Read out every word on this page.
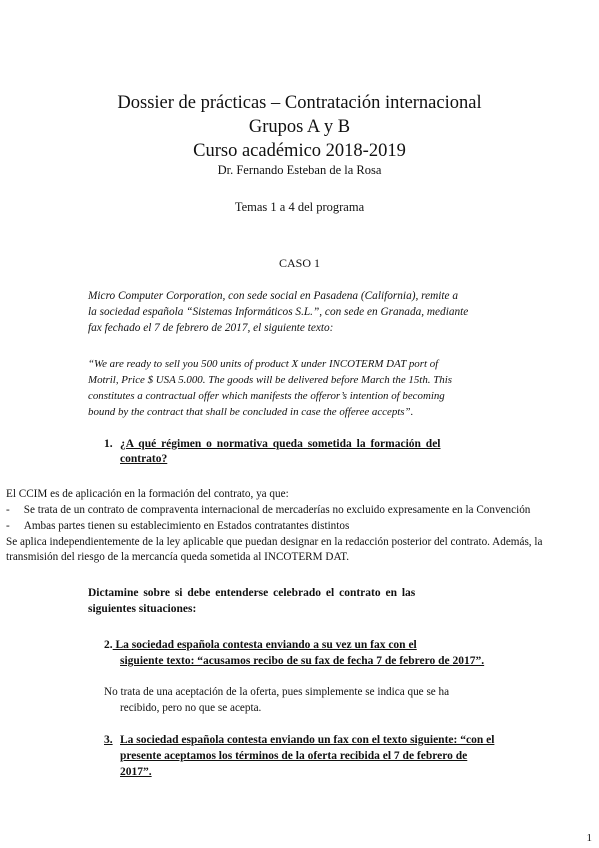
Dossier de prácticas – Contratación internacional
Grupos A y B
Curso académico 2018-2019
Dr. Fernando Esteban de la Rosa
Temas 1 a 4 del programa
CASO 1
Micro Computer Corporation, con sede social en Pasadena (California), remite a
la sociedad española “Sistemas Informáticos S.L.”, con sede en Granada, mediante
fax fechado el 7 de febrero de 2017, el siguiente texto:
“We are ready to sell you 500 units of product X under INCOTERM DAT port of
Motril, Price $ USA 5.000. The goods will be delivered before March the 15th. This
constitutes a contractual offer which manifests the offeror’s intention of becoming
bound by the contract that shall be concluded in case the offeree accepts”.
1. ¿A qué régimen o normativa queda sometida la formación del
contrato?
El CCIM es de aplicación en la formación del contrato, ya que:
- Se trata de un contrato de compraventa internacional de mercaderías no excluido expresamente en la Convención
- Ambas partes tienen su establecimiento en Estados contratantes distintos
Se aplica independientemente de la ley aplicable que puedan designar en la redacción posterior del contrato. Además, la
transmisión del riesgo de la mercancía queda sometida al INCOTERM DAT.
Dictamine sobre si debe entenderse celebrado el contrato en las
siguientes situaciones:
2. La sociedad española contesta enviando a su vez un fax con el
siguiente texto: “acusamos recibo de su fax de fecha 7 de febrero de 2017”.
No trata de una aceptación de la oferta, pues simplemente se indica que se ha
recibido, pero no que se acepta.
3. La sociedad española contesta enviando un fax con el texto siguiente: “con el
presente aceptamos los términos de la oferta recibida el 7 de febrero de
2017”.
1
